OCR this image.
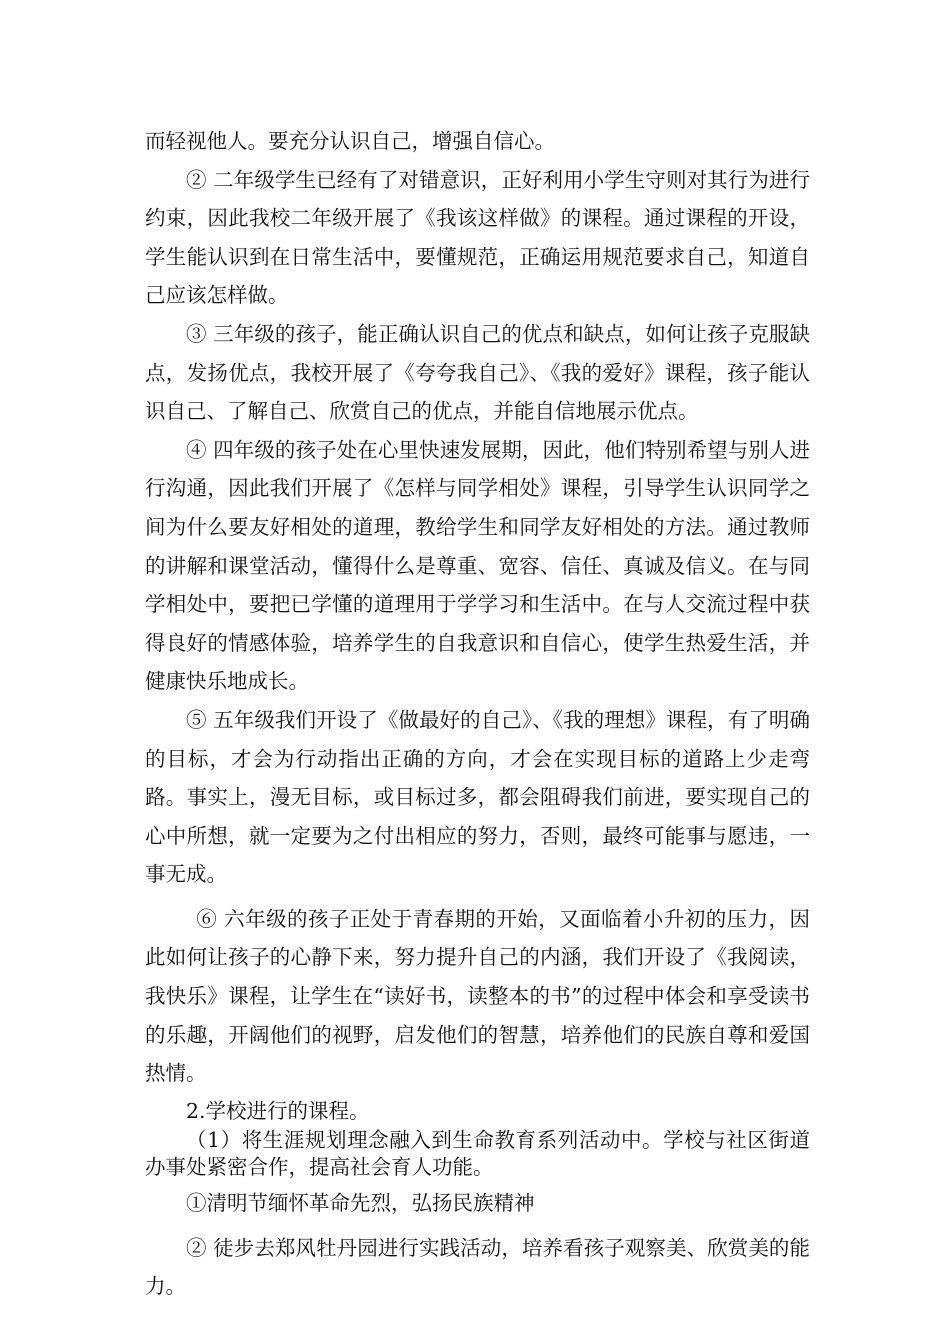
而轻视他人。要充分认识自己，增强自信心。

② 二年级学生已经有了对错意识，正好利用小学生守则对其行为进行约束，因此我校二年级开展了《我该这样做》的课程。通过课程的开设，学生能认识到在日常生活中，要懂规范，正确运用规范要求自己，知道自己应该怎样做。

③ 三年级的孩子，能正确认识自己的优点和缺点，如何让孩子克服缺点，发扬优点，我校开展了《夸夸我自己》、《我的爱好》课程，孩子能认识自己、了解自己、欣赏自己的优点，并能自信地展示优点。

④ 四年级的孩子处在心里快速发展期，因此，他们特别希望与别人进行沟通，因此我们开展了《怎样与同学相处》课程，引导学生认识同学之间为什么要友好相处的道理，教给学生和同学友好相处的方法。通过教师的讲解和课堂活动，懂得什么是尊重、宽容、信任、真诚及信义。在与同学相处中，要把已学懂的道理用于学学习和生活中。在与人交流过程中获得良好的情感体验，培养学生的自我意识和自信心，使学生热爱生活，并健康快乐地成长。

⑤ 五年级我们开设了《做最好的自己》、《我的理想》课程，有了明确的目标，才会为行动指出正确的方向，才会在实现目标的道路上少走弯路。事实上，漫无目标，或目标过多，都会阻碍我们前进，要实现自己的心中所想，就一定要为之付出相应的努力，否则，最终可能事与愿违，一事无成。

⑥ 六年级的孩子正处于青春期的开始，又面临着小升初的压力，因此如何让孩子的心静下来，努力提升自己的内涵，我们开设了《我阅读，我快乐》课程，让学生在“读好书，读整本的书”的过程中体会和享受读书的乐趣，开阔他们的视野，启发他们的智慧，培养他们的民族自尊和爱国热情。

2.学校进行的课程。

（1）将生涯规划理念融入到生命教育系列活动中。学校与社区街道办事处紧密合作，提高社会育人功能。

①清明节缅怀革命先烈，弘扬民族精神

② 徒步去郑风牡丹园进行实践活动，培养看孩子观察美、欣赏美的能力。
